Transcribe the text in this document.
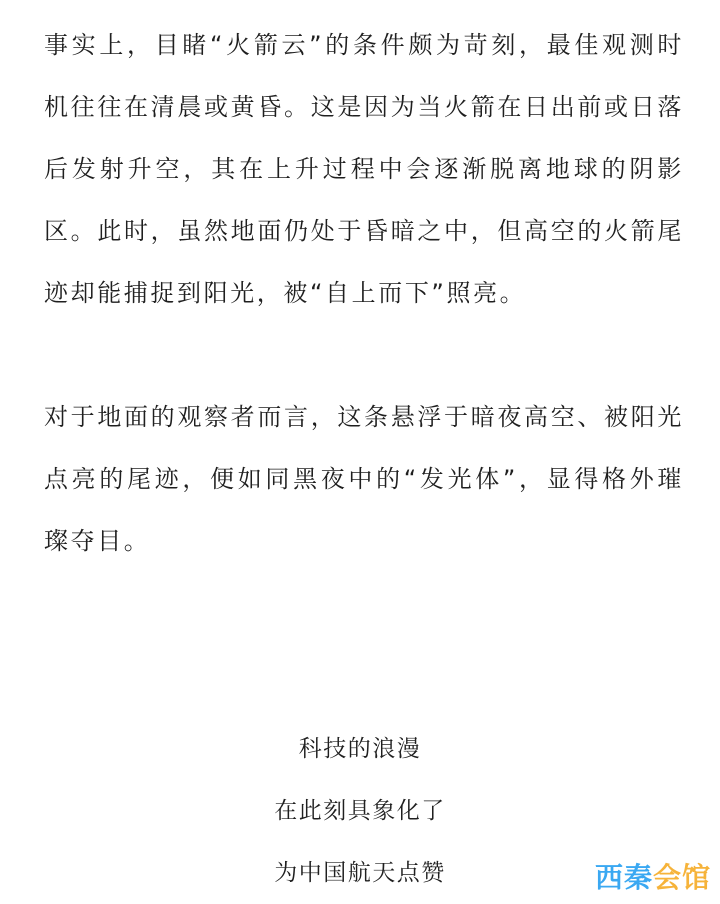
事实上，目睹“火箭云”的条件颇为苛刻，最佳观测时机往往在清晨或黄昏。这是因为当火箭在日出前或日落后发射升空，其在上升过程中会逐渐脱离地球的阴影区。此时，虽然地面仍处于昏暗之中，但高空的火箭尾迹却能捕捉到阳光，被“自上而下”照亮。

对于地面的观察者而言，这条悬浮于暗夜高空、被阳光点亮的尾迹，便如同黑夜中的“发光体”，显得格外璀璨夺目。

科技的浪漫
在此刻具象化了
为中国航天点赞	西秦会馆
